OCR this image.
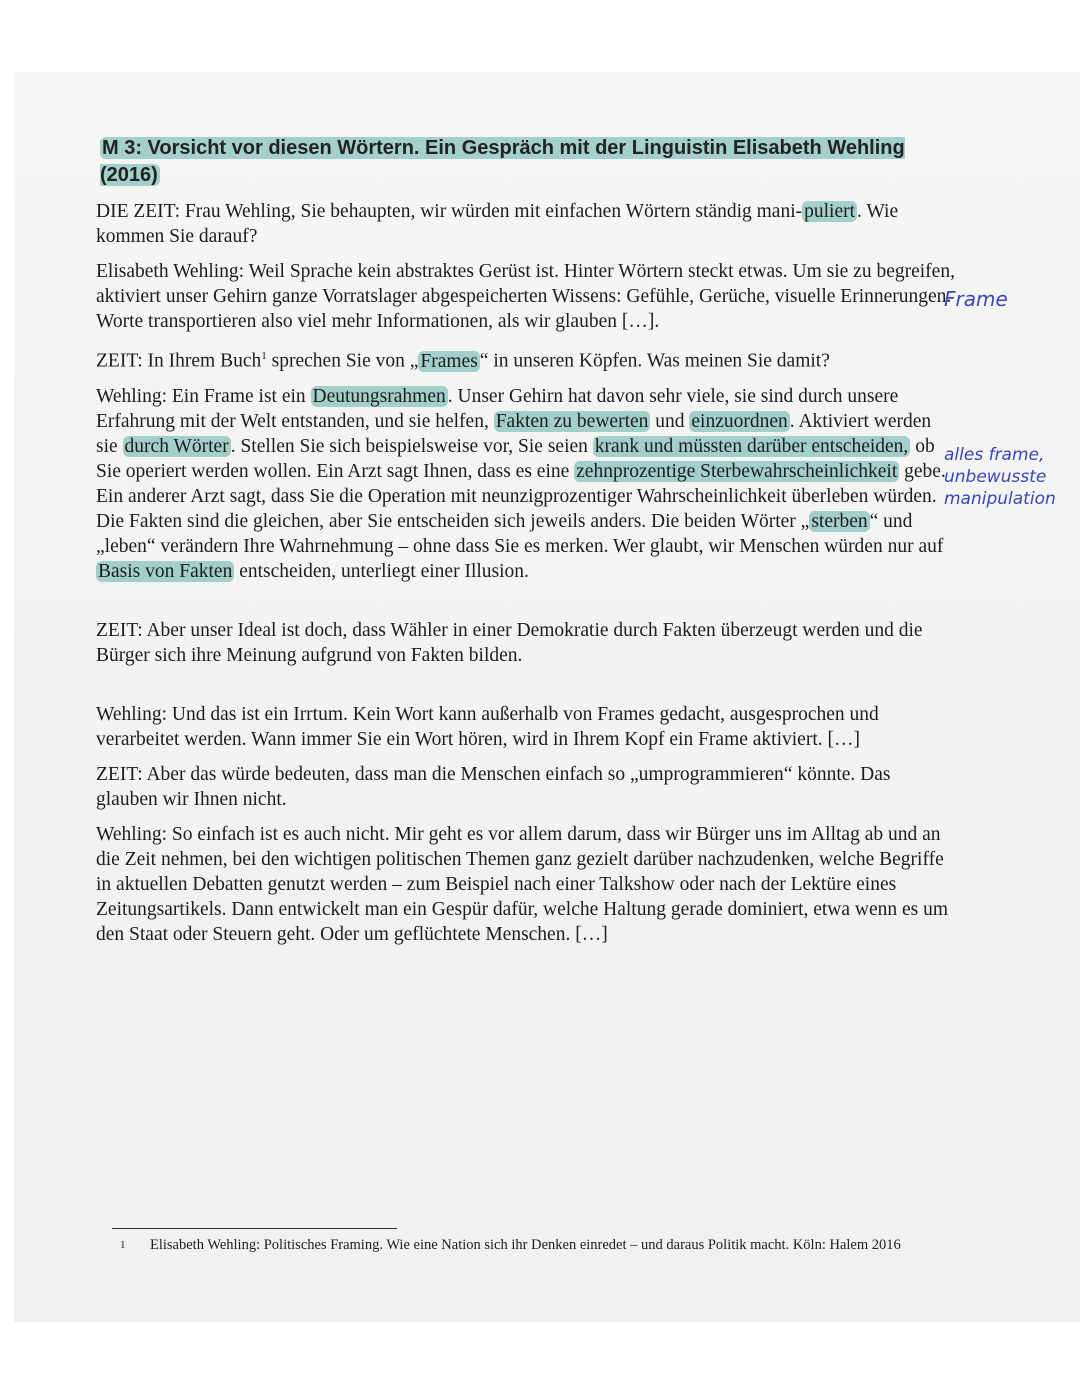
M 3: Vorsicht vor diesen Wörtern. Ein Gespräch mit der Linguistin Elisabeth Wehling (2016)

DIE ZEIT: Frau Wehling, Sie behaupten, wir würden mit einfachen Wörtern ständig mani- puliert . Wie kommen Sie darauf?

Elisabeth Wehling: Weil Sprache kein abstraktes Gerüst ist. Hinter Wörtern steckt etwas. Um sie zu begreifen, aktiviert unser Gehirn ganze Vorratslager abgespeicherten Wissens: Gefühle, Gerüche, visuelle Erinnerungen. Worte transportieren also viel mehr Informationen, als wir glauben […].

ZEIT: In Ihrem Buch$^1$ sprechen Sie von „ Frames “ in unseren Köpfen. Was meinen Sie damit?

Wehling: Ein Frame ist ein Deutungsrahmen . Unser Gehirn hat davon sehr viele, sie sind durch unsere Erfahrung mit der Welt entstanden, und sie helfen, Fakten zu bewerten und einzuordnen . Aktiviert werden sie durch Wörter . Stellen Sie sich beispielsweise vor, Sie seien krank und müssten darüber entscheiden, ob Sie operiert werden wollen. Ein Arzt sagt Ihnen, dass es eine zehnprozentige Sterbewahrscheinlichkeit gebe. Ein anderer Arzt sagt, dass Sie die Operation mit neunzigprozentiger Wahrscheinlichkeit überleben würden. Die Fakten sind die gleichen, aber Sie entscheiden sich jeweils anders. Die beiden Wörter „ sterben “ und „leben“ verändern Ihre Wahrnehmung – ohne dass Sie es merken. Wer glaubt, wir Menschen würden nur auf Basis von Fakten entscheiden, unterliegt einer Illusion.

ZEIT: Aber unser Ideal ist doch, dass Wähler in einer Demokratie durch Fakten überzeugt werden und die Bürger sich ihre Meinung aufgrund von Fakten bilden.

Wehling: Und das ist ein Irrtum. Kein Wort kann außerhalb von Frames gedacht, ausgesprochen und verarbeitet werden. Wann immer Sie ein Wort hören, wird in Ihrem Kopf ein Frame aktiviert. […]

ZEIT: Aber das würde bedeuten, dass man die Menschen einfach so „umprogrammieren“ könnte. Das glauben wir Ihnen nicht.

Wehling: So einfach ist es auch nicht. Mir geht es vor allem darum, dass wir Bürger uns im Alltag ab und an die Zeit nehmen, bei den wichtigen politischen Themen ganz gezielt darüber nachzudenken, welche Begriffe in aktuellen Debatten genutzt werden – zum Beispiel nach einer Talkshow oder nach der Lektüre eines Zeitungsartikels. Dann entwickelt man ein Gespür dafür, welche Haltung gerade dominiert, etwa wenn es um den Staat oder Steuern geht. Oder um geflüchtete Menschen. […]

Frame
alles frame,
unbewusste
manipulation
1 Elisabeth Wehling: Politisches Framing. Wie eine Nation sich ihr Denken einredet – und daraus Politik macht. Köln: Halem 2016
